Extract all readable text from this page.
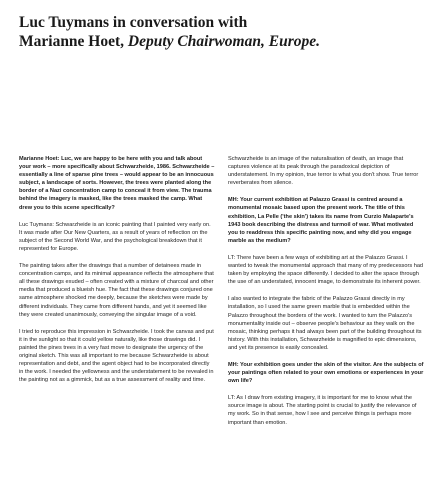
Luc Tuymans in conversation with
Marianne Hoet, Deputy Chairwoman, Europe.

Marianne Hoet: Luc, we are happy to be here with you and talk about your work – more specifically about Schwarzheide, 1986. Schwarzheide – essentially a line of sparse pine trees – would appear to be an innocuous subject, a landscape of sorts. However, the trees were planted along the border of a Nazi concentration camp to conceal it from view. The trauma behind the imagery is masked, like the trees masked the camp. What drew you to this scene specifically?

Luc Tuymans: Schwarzheide is an iconic painting that I painted very early on. It was made after Our New Quarters, as a result of years of reflection on the subject of the Second World War, and the psychological breakdown that it represented for Europe.

The painting takes after the drawings that a number of detainees made in concentration camps, and its minimal appearance reflects the atmosphere that all these drawings exuded – often created with a mixture of charcoal and other media that produced a blueish hue. The fact that these drawings conjured one same atmosphere shocked me deeply, because the sketches were made by different individuals. They came from different hands, and yet it seemed like they were created unanimously, conveying the singular image of a void.

I tried to reproduce this impression in Schwarzheide. I took the canvas and put it in the sunlight so that it could yellow naturally, like those drawings did. I painted the pines trees in a very fast move to designate the urgency of the original sketch. This was all important to me because Schwarzheide is about representation and debt, and the agent object had to be incorporated directly in the work. I needed the yellowness and the understatement to be revealed in the painting not as a gimmick, but as a true assessment of reality and time.

Schwarzheide is an image of the naturalisation of death, an image that captures violence at its peak through the paradoxical depiction of understatement. In my opinion, true terror is what you don't show. True terror reverberates from silence.

MH: Your current exhibition at Palazzo Grassi is centred around a monumental mosaic based upon the present work. The title of this exhibition, La Pelle ('the skin') takes its name from Curzio Malaparte's 1943 book describing the distress and turmoil of war. What motivated you to readdress this specific painting now, and why did you engage marble as the medium?

LT: There have been a few ways of exhibiting art at the Palazzo Grassi. I wanted to tweak the monumental approach that many of my predecessors had taken by employing the space differently. I decided to alter the space through the use of an understated, innocent image, to demonstrate its inherent power.

I also wanted to integrate the fabric of the Palazzo Grassi directly in my installation, so I used the same green marble that is embedded within the Palazzo throughout the borders of the work. I wanted to turn the Palazzo's monumentality inside out – observe people's behaviour as they walk on the mosaic, thinking perhaps it had always been part of the building throughout its history. With this installation, Schwarzheide is magnified to epic dimensions, and yet its presence is easily concealed.

MH: Your exhibition goes under the skin of the visitor. Are the subjects of your paintings often related to your own emotions or experiences in your own life?

LT: As I draw from existing imagery, it is important for me to know what the source image is about. The starting point is crucial to justify the relevance of my work. So in that sense, how I see and perceive things is perhaps more important than emotion.
